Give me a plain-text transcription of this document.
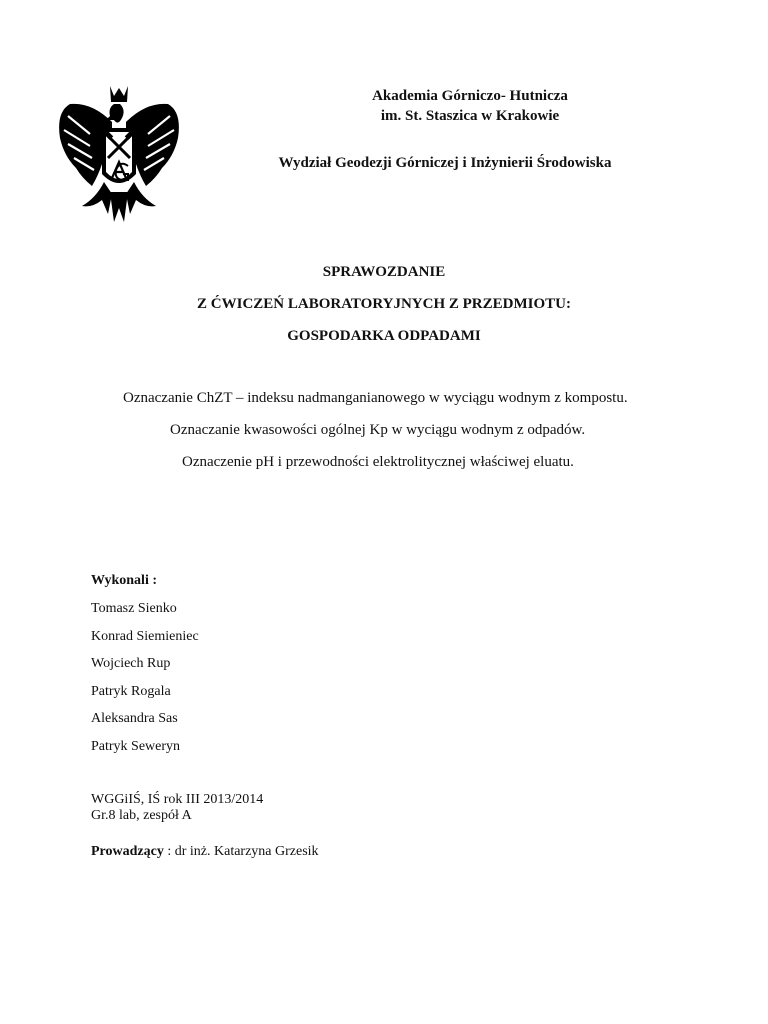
Akademia Górniczo- Hutnicza
im. St. Staszica w Krakowie
Wydział Geodezji Górniczej i Inżynierii Środowiska
SPRAWOZDANIE
Z ĆWICZEŃ LABORATORYJNYCH Z PRZEDMIOTU:
GOSPODARKA ODPADAMI
Oznaczanie ChZT – indeksu nadmanganianowego w wyciągu wodnym z kompostu.
Oznaczanie kwasowości ogólnej Kp w wyciągu wodnym z odpadów.
Oznaczenie pH i przewodności elektrolitycznej właściwej eluatu.
Wykonali :
Tomasz Sienko
Konrad Siemieniec
Wojciech Rup
Patryk Rogala
Aleksandra Sas
Patryk Seweryn
WGGiIŚ, IŚ rok III 2013/2014
Gr.8 lab, zespół A
Prowadzący : dr inż. Katarzyna Grzesik
